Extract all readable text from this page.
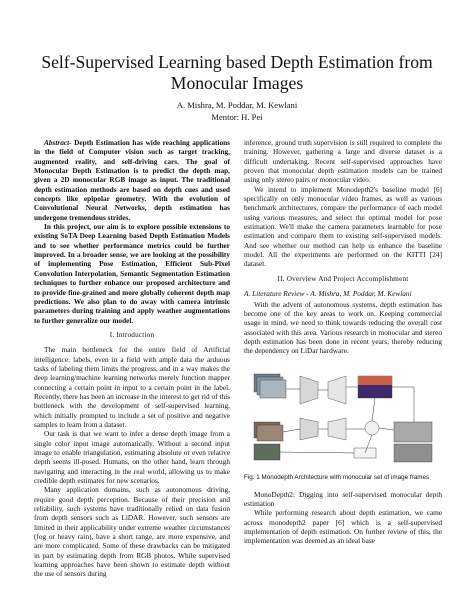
Self-Supervised Learning based Depth Estimation from Monocular Images
A. Mishra, M. Poddar, M. Kewlani
Mentor: H. Pei

Abstract- Depth Estimation has wide reaching applications in the field of Computer vision such as target tracking, augmented reality, and self-driving cars. The goal of Monocular Depth Estimation is to predict the depth map, given a 2D monocular RGB image as input. The traditional depth estimation methods are based on depth cues and used concepts like epipolar geometry. With the evolution of Convolutional Neural Networks, depth estimation has undergone tremendous strides.

In this project, our aim is to explore possible extensions to existing SoTA Deep Learning based Depth Estimation Models and to see whether performance metrics could be further improved. In a broader sense, we are looking at the possibility of implementing Pose Estimation, Efficient Sub-Pixel Convolution Interpolation, Semantic Segmentation Estimation techniques to further enhance our proposed architecture and to provide fine-grained and more globally coherent depth map predictions. We also plan to do away with camera intrinsic parameters during training and apply weather augmentations to further generalize our model.

I. Introduction

The main bottleneck for the entire field of Artificial intelligence: labels, even in a field with ample data the arduous tasks of labeling them limits the progress, and in a way makes the deep learning/machine learning networks merely function mapper connecting a certain point in input to a certain point in the label. Recently, there has been an increase in the interest to get rid of this bottleneck with the development of self-supervised learning, which initially prompted to include a set of positive and negative samples to learn from a dataset.

Our task is that we want to infer a dense depth image from a single color input image automatically. Without a second input image to enable triangulation, estimating absolute or even relative depth seems ill-posed. Humans, on the other hand, learn through navigating and interacting in the real world, allowing us to make credible depth estimates for new scenarios.

Many application domains, such as autonomous driving, require good depth perception. Because of their precision and reliability, such systems have traditionally relied on data fusion from depth sensors such as LiDAR. However, such sensors are limited in their applicability under extreme weather circumstances (fog or heavy rain), have a short range, are more expensive, and are more complicated. Some of these drawbacks can be mitigated in part by estimating depth from RGB photos. While supervised learning approaches have been shown to estimate depth without the use of sensors during

inference, ground truth supervision is still required to complete the training. However, gathering a large and diverse dataset is a difficult undertaking. Recent self-supervised approaches have proven that monocular depth estimation models can be trained using only stereo pairs or monocular video.

We intend to implement Monodepth2's baseline model [6] specifically on only monocular video frames, as well as various benchmark architectures, compare the performance of each model using various measures, and select the optimal model for pose estimation. We'll make the camera parameters learnable for pose estimation and compare them to existing self-supervised models. And see whether our method can help us enhance the baseline model. All the experiments are performed on the KITTI [24] dataset.

II. Overview And Project Accomplishment
A. Literature Review - A. Mishra, M. Poddar, M. Kewlani

With the advent of autonomous systems, depth estimation has become one of the key areas to work on. Keeping commercial usage in mind, we need to think towards reducing the overall cost associated with this area. Various research in monocular and stereo depth estimation has been done in recent years, thereby reducing the dependency on LiDar hardware.

Fig. 1 Monodepth Architecture with monocular set of image frames

MonoDepth2: Digging into self-supervised monocular depth estimation

While performing research about depth estimation, we came across monodepth2 paper [6] which is a self-supervised implementation of depth estimation. On further review of this, the implementation was deemed as an ideal base
